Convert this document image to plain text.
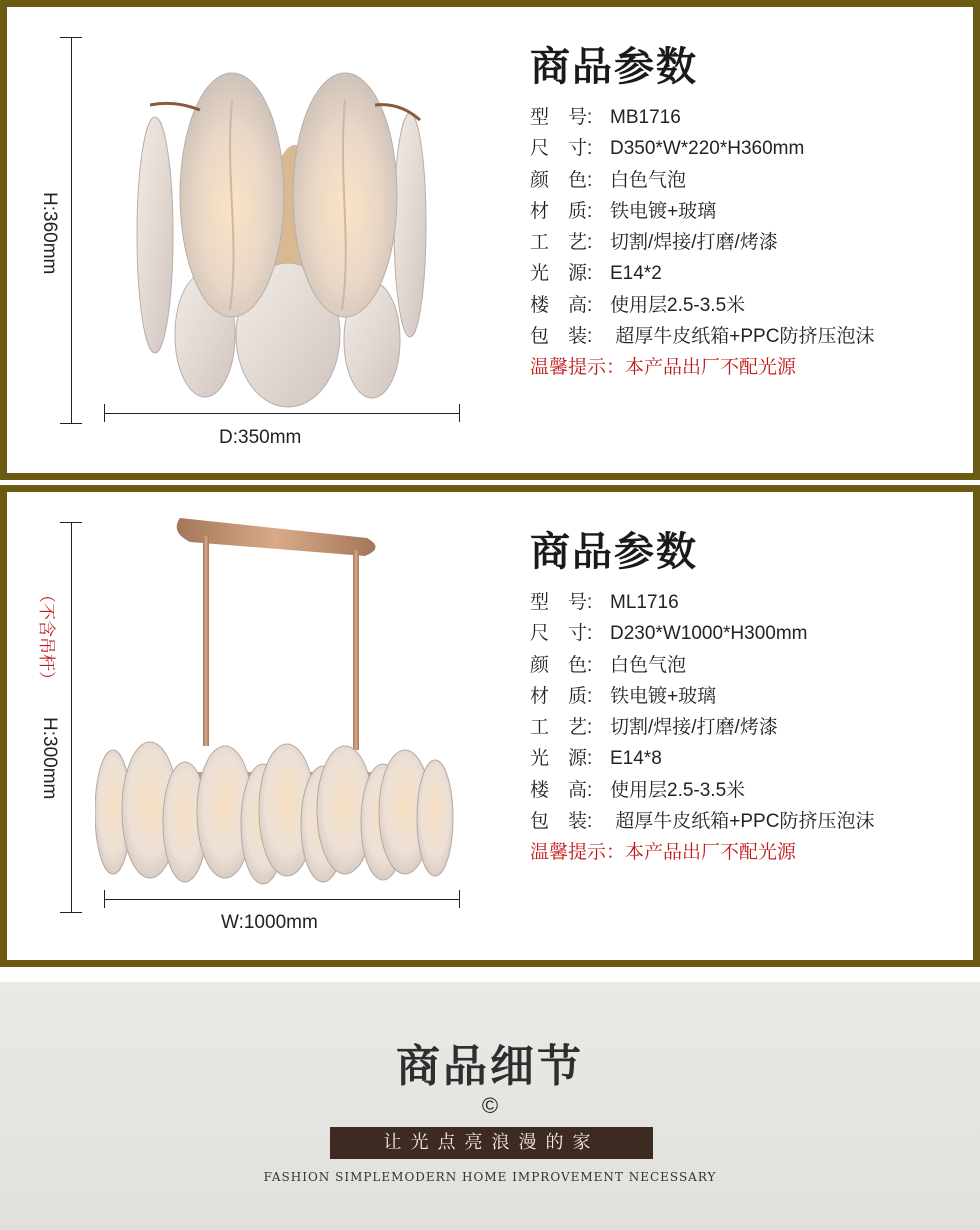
H:360mm
D:350mm
商品参数
型　号: MB1716
尺　寸: D350*W*220*H360mm
颜　色: 白色气泡
材　质: 铁电镀+玻璃
工　艺: 切割/焊接/打磨/烤漆
光　源: E14*2
楼　高: 使用层2.5-3.5米
包　装: 超厚牛皮纸箱+PPC防挤压泡沫
温馨提示：本产品出厂不配光源
（不含吊杆）
H:300mm
W:1000mm
商品参数
型　号: ML1716
尺　寸: D230*W1000*H300mm
颜　色: 白色气泡
材　质: 铁电镀+玻璃
工　艺: 切割/焊接/打磨/烤漆
光　源: E14*8
楼　高: 使用层2.5-3.5米
包　装: 超厚牛皮纸箱+PPC防挤压泡沫
温馨提示：本产品出厂不配光源
商品细节
©
让光点亮浪漫的家
FASHION SIMPLEMODERN HOME IMPROVEMENT NECESSARY
